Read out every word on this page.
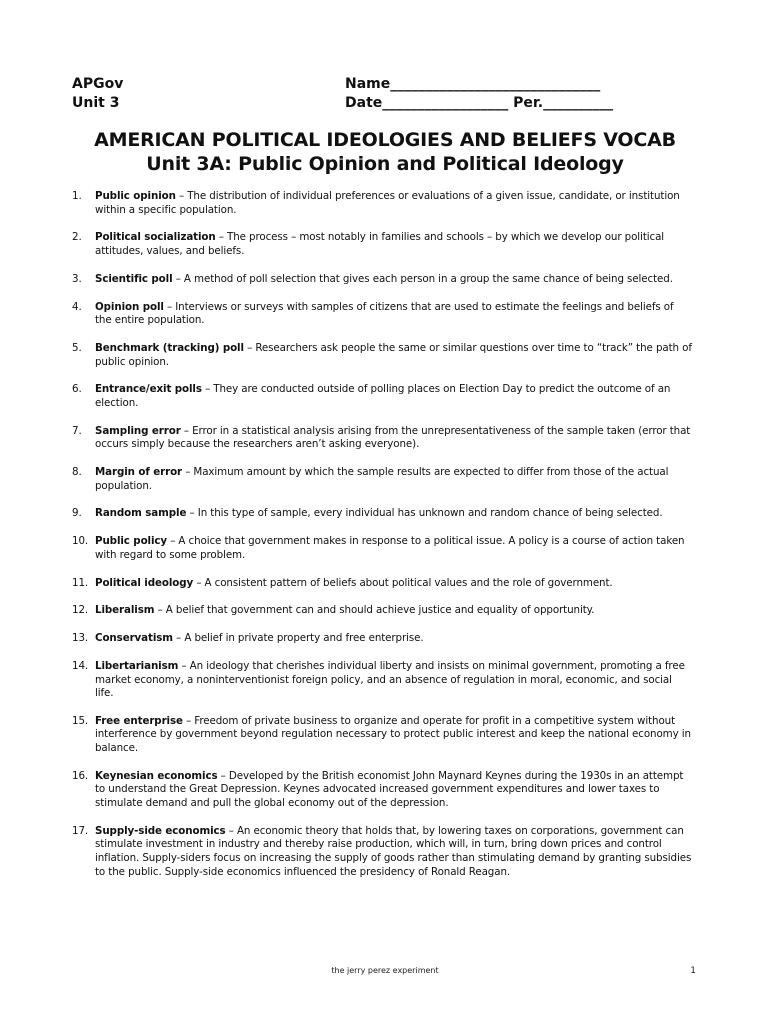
APGov
Unit 3
Name______________________________
Date__________________ Per.__________
AMERICAN POLITICAL IDEOLOGIES AND BELIEFS VOCAB
Unit 3A: Public Opinion and Political Ideology
1. Public opinion – The distribution of individual preferences or evaluations of a given issue, candidate, or institution within a specific population.
2. Political socialization – The process – most notably in families and schools – by which we develop our political attitudes, values, and beliefs.
3. Scientific poll – A method of poll selection that gives each person in a group the same chance of being selected.
4. Opinion poll – Interviews or surveys with samples of citizens that are used to estimate the feelings and beliefs of the entire population.
5. Benchmark (tracking) poll – Researchers ask people the same or similar questions over time to “track” the path of public opinion.
6. Entrance/exit polls – They are conducted outside of polling places on Election Day to predict the outcome of an election.
7. Sampling error – Error in a statistical analysis arising from the unrepresentativeness of the sample taken (error that occurs simply because the researchers aren’t asking everyone).
8. Margin of error – Maximum amount by which the sample results are expected to differ from those of the actual population.
9. Random sample – In this type of sample, every individual has unknown and random chance of being selected.
10. Public policy – A choice that government makes in response to a political issue. A policy is a course of action taken with regard to some problem.
11. Political ideology – A consistent pattern of beliefs about political values and the role of government.
12. Liberalism – A belief that government can and should achieve justice and equality of opportunity.
13. Conservatism – A belief in private property and free enterprise.
14. Libertarianism – An ideology that cherishes individual liberty and insists on minimal government, promoting a free market economy, a noninterventionist foreign policy, and an absence of regulation in moral, economic, and social life.
15. Free enterprise – Freedom of private business to organize and operate for profit in a competitive system without interference by government beyond regulation necessary to protect public interest and keep the national economy in balance.
16. Keynesian economics – Developed by the British economist John Maynard Keynes during the 1930s in an attempt to understand the Great Depression. Keynes advocated increased government expenditures and lower taxes to stimulate demand and pull the global economy out of the depression.
17. Supply-side economics – An economic theory that holds that, by lowering taxes on corporations, government can stimulate investment in industry and thereby raise production, which will, in turn, bring down prices and control inflation. Supply-siders focus on increasing the supply of goods rather than stimulating demand by granting subsidies to the public. Supply-side economics influenced the presidency of Ronald Reagan.
the jerry perez experiment	1
